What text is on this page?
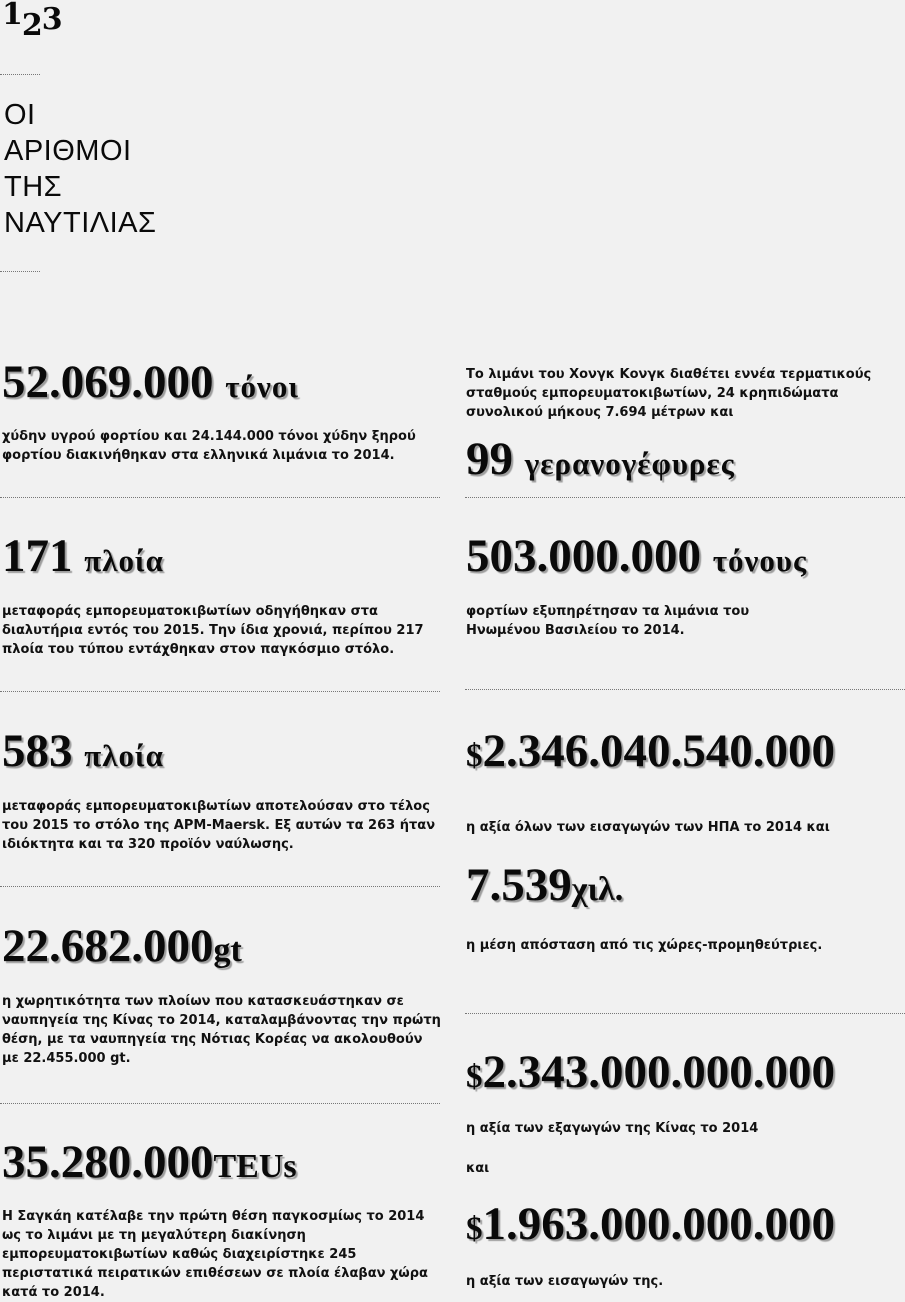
123
ΟΙ
ΑΡΙΘΜΟΙ
ΤΗΣ
ΝΑΥΤΙΛΙΑΣ
52.069.000 τόνοι
χύδην υγρού φορτίου και 24.144.000 τόνοι χύδην ξηρού φορτίου διακινήθηκαν στα ελληνικά λιμάνια το 2014.
171 πλοία
μεταφοράς εμπορευματοκιβωτίων οδηγήθηκαν στα διαλυτήρια εντός του 2015. Την ίδια χρονιά, περίπου 217 πλοία του τύπου εντάχθηκαν στον παγκόσμιο στόλο.
583 πλοία
μεταφοράς εμπορευματοκιβωτίων αποτελούσαν στο τέλος του 2015 το στόλο της APM-Maersk. Εξ αυτών τα 263 ήταν ιδιόκτητα και τα 320 προϊόν ναύλωσης.
22.682.000gt
η χωρητικότητα των πλοίων που κατασκευάστηκαν σε ναυπηγεία της Κίνας το 2014, καταλαμβάνοντας την πρώτη θέση, με τα ναυπηγεία της Νότιας Κορέας να ακολουθούν με 22.455.000 gt.
35.280.000TEUs
Η Σαγκάη κατέλαβε την πρώτη θέση παγκοσμίως το 2014 ως το λιμάνι με τη μεγαλύτερη διακίνηση εμπορευματοκιβωτίων καθώς διαχειρίστηκε 245 περιστατικά πειρατικών επιθέσεων σε πλοία έλαβαν χώρα κατά το 2014.
Το λιμάνι του Χονγκ Κονγκ διαθέτει εννέα τερματικούς σταθμούς εμπορευματοκιβωτίων, 24 κρηπιδώματα συνολικού μήκους 7.694 μέτρων και
99 γερανογέφυρες
503.000.000 τόνους
φορτίων εξυπηρέτησαν τα λιμάνια του Ηνωμένου Βασιλείου το 2014.
$2.346.040.540.000
η αξία όλων των εισαγωγών των ΗΠΑ το 2014 και
7.539χιλ.
η μέση απόσταση από τις χώρες-προμηθεύτριες.
$2.343.000.000.000
η αξία των εξαγωγών της Κίνας το 2014
και
$1.963.000.000.000
η αξία των εισαγωγών της.
